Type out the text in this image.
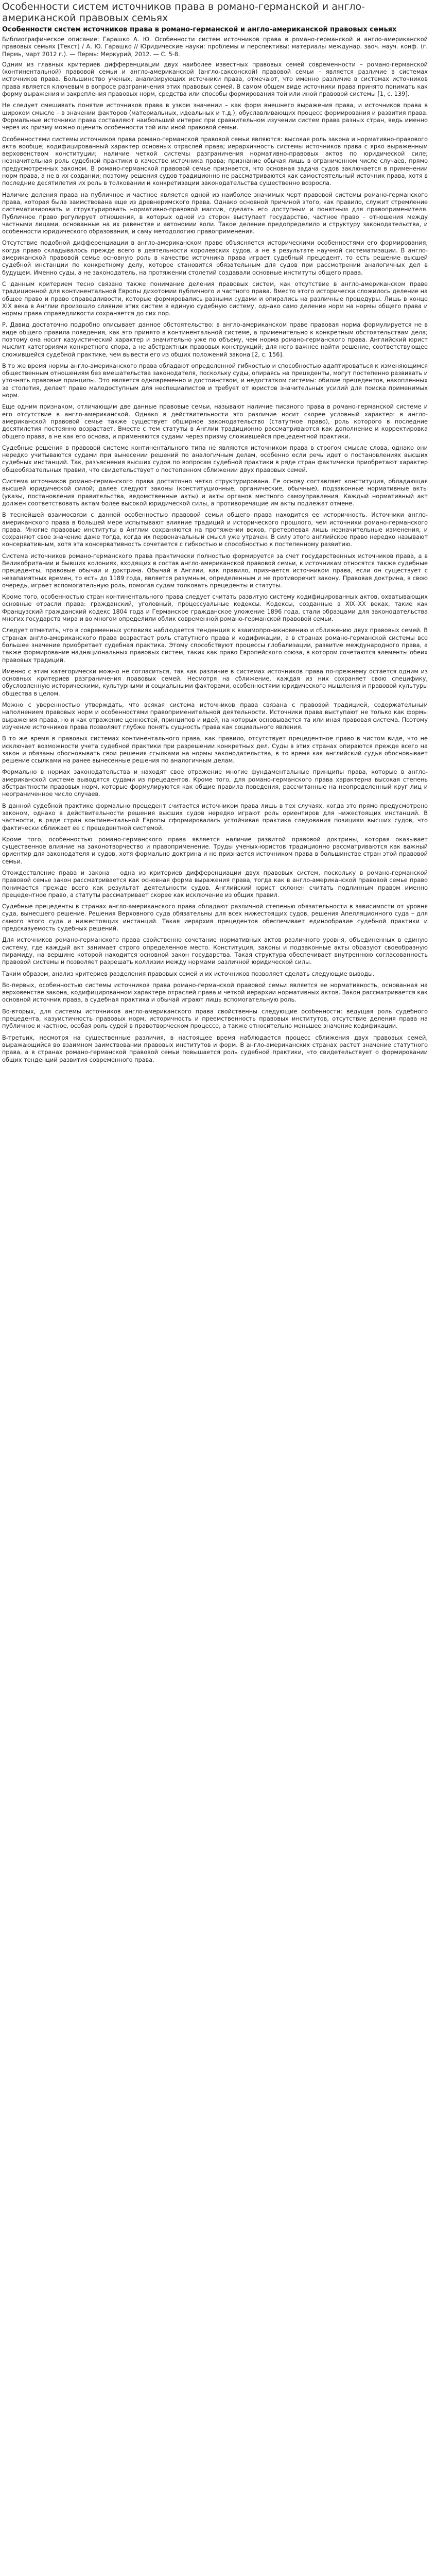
Особенности систем источников права в романо-германской и англо-американской правовых семьях
Особенности систем источников права в романо-германской и англо-американской правовых семьях

Библиографическое описание: Гарашко А. Ю. Особенности систем источников права в романо-германской и англо-американской правовых семьях [Текст] / А. Ю. Гарашко // Юридические науки: проблемы и перспективы: материалы междунар. заоч. науч. конф. (г. Пермь, март 2012 г.). — Пермь: Меркурий, 2012. — С. 5-8.

Одним из главных критериев дифференциации двух наиболее известных правовых семей современности – романо-германской (континентальной) правовой семьи и англо-американской (англо-саксонской) правовой семьи – является различие в системах источников права. Большинство ученых, анализирующих источники права, отмечают, что именно различие в системах источников права является ключевым в вопросе разграничения этих правовых семей. В самом общем виде источники права принято понимать как форму выражения и закрепления правовых норм, средства или способы формирования той или иной правовой системы [1, с. 139].

Не следует смешивать понятие источников права в узком значении – как форм внешнего выражения права, и источников права в широком смысле – в значении факторов (материальных, идеальных и т.д.), обуславливающих процесс формирования и развития права. Формальные источники права составляют наибольший интерес при сравнительном изучении систем права разных стран, ведь именно через их призму можно оценить особенности той или иной правовой семьи.

Особенностями системы источников права романо-германской правовой семьи являются: высокая роль закона и нормативно-правового акта вообще; кодифицированный характер основных отраслей права; иерархичность системы источников права с ярко выраженным верховенством конституции; наличие четкой системы разграничения нормативно-правовых актов по юридической силе; незначительная роль судебной практики в качестве источника права; признание обычая лишь в ограниченном числе случаев, прямо предусмотренных законом. В романо-германской правовой семье признается, что основная задача судов заключается в применении норм права, а не в их создании; поэтому решения судов традиционно не рассматриваются как самостоятельный источник права, хотя в последние десятилетия их роль в толковании и конкретизации законодательства существенно возросла.

Наличие деления права на публичное и частное является одной из наиболее значимых черт правовой системы романо-германского права, которая была заимствована еще из древнеримского права. Однако основной причиной этого, как правило, служит стремление систематизировать и структурировать нормативно-правовой массив, сделать его доступным и понятным для правоприменителя. Публичное право регулирует отношения, в которых одной из сторон выступает государство, частное право – отношения между частными лицами, основанные на их равенстве и автономии воли. Такое деление предопределило и структуру законодательства, и особенности юридического образования, и саму методологию правоприменения.

Отсутствие подобной дифференциации в англо-американском праве объясняется историческими особенностями его формирования, когда право складывалось прежде всего в деятельности королевских судов, а не в результате научной систематизации. В англо-американской правовой семье основную роль в качестве источника права играет судебный прецедент, то есть решение высшей судебной инстанции по конкретному делу, которое становится обязательным для судов при рассмотрении аналогичных дел в будущем. Именно суды, а не законодатель, на протяжении столетий создавали основные институты общего права.

С данным критерием тесно связано также понимание деления правовых систем, как отсутствие в англо-американском праве традиционной для континентальной Европы дихотомии публичного и частного права. Вместо этого исторически сложилось деление на общее право и право справедливости, которые формировались разными судами и опирались на различные процедуры. Лишь в конце XIX века в Англии произошло слияние этих систем в единую судебную систему, однако само деление норм на нормы общего права и нормы права справедливости сохраняется до сих пор.

Р. Давид достаточно подробно описывает данное обстоятельство: в англо-американском праве правовая норма формулируется не в виде общего правила поведения, как это принято в континентальной системе, а применительно к конкретным обстоятельствам дела; поэтому она носит казуистический характер и значительно уже по объему, чем норма романо-германского права. Английский юрист мыслит категориями конкретного спора, а не абстрактных правовых конструкций; для него важнее найти решение, соответствующее сложившейся судебной практике, чем вывести его из общих положений закона [2, с. 156].

В то же время нормы англо-американского права обладают определенной гибкостью и способностью адаптироваться к изменяющимся общественным отношениям без вмешательства законодателя, поскольку суды, опираясь на прецеденты, могут постепенно развивать и уточнять правовые принципы. Это является одновременно и достоинством, и недостатком системы: обилие прецедентов, накопленных за столетия, делает право малодоступным для неспециалистов и требует от юристов значительных усилий для поиска применимых норм.

Еще одним признаком, отличающим две данные правовые семьи, называют наличие писаного права в романо-германской системе и его отсутствие в англо-американской. Однако в действительности это различие носит скорее условный характер: в англо-американской правовой семье также существует обширное законодательство (статутное право), роль которого в последние десятилетия постоянно возрастает. Вместе с тем статуты в Англии традиционно рассматриваются как дополнение и корректировка общего права, а не как его основа, и применяются судами через призму сложившейся прецедентной практики.

Судебные решения в правовой системе континентального типа не являются источником права в строгом смысле слова, однако они нередко учитываются судами при вынесении решений по аналогичным делам, особенно если речь идет о постановлениях высших судебных инстанций. Так, разъяснения высших судов по вопросам судебной практики в ряде стран фактически приобретают характер общеобязательных правил, что свидетельствует о постепенном сближении двух правовых семей.

Система источников романо-германского права достаточно четко структурирована. Ее основу составляет конституция, обладающая высшей юридической силой; далее следуют законы (конституционные, органические, обычные), подзаконные нормативные акты (указы, постановления правительства, ведомственные акты) и акты органов местного самоуправления. Каждый нормативный акт должен соответствовать актам более высокой юридической силы, а противоречащие им акты подлежат отмене.

В теснейшей взаимосвязи с данной особенностью правовой семьи общего права находится ее историчность. Источники англо-американского права в большей мере испытывают влияние традиций и исторического прошлого, чем источники романо-германского права. Многие правовые институты в Англии сохраняются на протяжении веков, претерпевая лишь незначительные изменения, и сохраняют свое значение даже тогда, когда их первоначальный смысл уже утрачен. В силу этого английское право нередко называют консервативным, хотя эта консервативность сочетается с гибкостью и способностью к постепенному развитию.

Система источников романо-германского права практически полностью формируется за счет государственных источников права, а в Великобритании и бывших колониях, входящих в состав англо-американской правовой семьи, к источникам относятся также судебные прецеденты, правовые обычаи и доктрина. Обычай в Англии, как правило, признается источником права, если он существует с незапамятных времен, то есть до 1189 года, является разумным, определенным и не противоречит закону. Правовая доктрина, в свою очередь, играет вспомогательную роль, помогая судам толковать прецеденты и статуты.

Кроме того, особенностью стран континентального права следует считать развитую систему кодифицированных актов, охватывающих основные отрасли права: гражданский, уголовный, процессуальные кодексы. Кодексы, созданные в XIX–XX веках, такие как Французский гражданский кодекс 1804 года и Германское гражданское уложение 1896 года, стали образцами для законодательства многих государств мира и во многом определили облик современной романо-германской правовой семьи.

Следует отметить, что в современных условиях наблюдается тенденция к взаимопроникновению и сближению двух правовых семей. В странах англо-американского права возрастает роль статутного права и кодификации, а в странах романо-германской системы все большее значение приобретает судебная практика. Этому способствуют процессы глобализации, развитие международного права, а также формирование наднациональных правовых систем, таких как право Европейского союза, в котором сочетаются элементы обеих правовых традиций.

Именно с этим категорически можно не согласиться, так как различие в системах источников права по-прежнему остается одним из основных критериев разграничения правовых семей. Несмотря на сближение, каждая из них сохраняет свою специфику, обусловленную историческими, культурными и социальными факторами, особенностями юридического мышления и правовой культуры общества в целом.

Можно с уверенностью утверждать, что всякая система источников права связана с правовой традицией, содержательным наполнением правовых норм и особенностями правоприменительной деятельности. Источники права выступают не только как формы выражения права, но и как отражение ценностей, принципов и идей, на которых основывается та или иная правовая система. Поэтому изучение источников права позволяет глубже понять сущность права как социального явления.

В то же время в правовых системах континентального права, как правило, отсутствует прецедентное право в чистом виде, что не исключает возможности учета судебной практики при разрешении конкретных дел. Суды в этих странах опираются прежде всего на закон и обязаны обосновывать свои решения ссылками на нормы законодательства, в то время как английский судья обосновывает решение ссылками на ранее вынесенные решения по аналогичным делам.

Формально в нормах законодательства и находят свое отражение многие фундаментальные принципы права, которые в англо-американской системе выводятся судами из прецедентов. Кроме того, для романо-германского права характерна высокая степень абстрактности правовых норм, которые формулируются как общие правила поведения, рассчитанные на неопределенный круг лиц и неограниченное число случаев.

В данной судебной практике формально прецедент считается источником права лишь в тех случаях, когда это прямо предусмотрено законом, однако в действительности решения высших судов нередко играют роль ориентиров для нижестоящих инстанций. В частности, в ряде стран континентальной Европы сформировалась устойчивая практика следования позициям высших судов, что фактически сближает ее с прецедентной системой.

Кроме того, особенностью романо-германского права является наличие развитой правовой доктрины, которая оказывает существенное влияние на законотворчество и правоприменение. Труды ученых-юристов традиционно рассматриваются как важный ориентир для законодателя и судов, хотя формально доктрина и не признается источником права в большинстве стран этой правовой семьи.

Отождествление права и закона – одна из критериев дифференциации двух правовых систем, поскольку в романо-германской правовой семье закон рассматривается как основная форма выражения права, тогда как в англо-американской правовой семье право понимается прежде всего как результат деятельности судов. Английский юрист склонен считать подлинным правом именно прецедентное право, а статуты рассматривает скорее как исключение из общих правил.

Судебные прецеденты в странах англо-американского права обладают различной степенью обязательности в зависимости от уровня суда, вынесшего решение. Решения Верховного суда обязательны для всех нижестоящих судов, решения Апелляционного суда – для самого этого суда и нижестоящих инстанций. Такая иерархия прецедентов обеспечивает единообразие судебной практики и предсказуемость судебных решений.

Для источников романо-германского права свойственно сочетание нормативных актов различного уровня, объединенных в единую систему, где каждый акт занимает строго определенное место. Конституция, законы и подзаконные акты образуют своеобразную пирамиду, на вершине которой находится основной закон государства. Такая структура обеспечивает внутреннюю согласованность правовой системы и позволяет разрешать коллизии между нормами различной юридической силы.

Таким образом, анализ критериев разделения правовых семей и их источников позволяет сделать следующие выводы.

Во-первых, особенностью системы источников права романо-германской правовой семьи является ее нормативность, основанная на верховенстве закона, кодифицированном характере отраслей права и четкой иерархии нормативных актов. Закон рассматривается как основной источник права, а судебная практика и обычай играют лишь вспомогательную роль.

Во-вторых, для системы источников англо-американского права свойственны следующие особенности: ведущая роль судебного прецедента, казуистичность правовых норм, историчность и преемственность правовых институтов, отсутствие деления права на публичное и частное, особая роль судей в правотворческом процессе, а также относительно меньшее значение кодификации.

В-третьих, несмотря на существенные различия, в настоящее время наблюдается процесс сближения двух правовых семей, выражающийся во взаимном заимствовании правовых институтов и форм. В англо-американских странах растет значение статутного права, а в странах романо-германской правовой семьи повышается роль судебной практики, что свидетельствует о формировании общих тенденций развития современного права.
